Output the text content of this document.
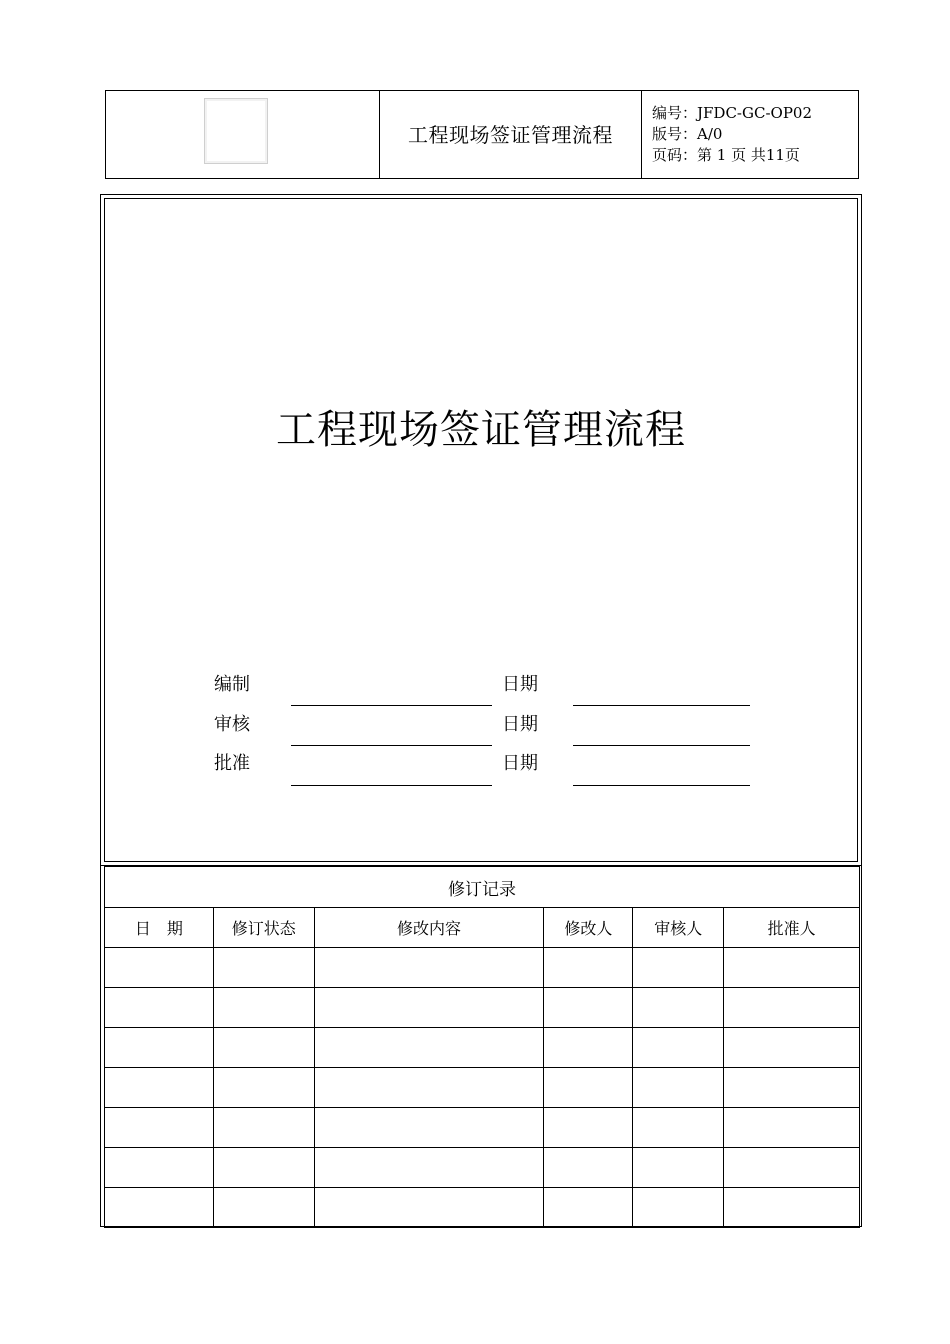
工程现场签证管理流程
编号：JFDC-GC-OP02
版号：A/0
页码：第 1 页 共11页
工程现场签证管理流程
编制	日期
审核	日期
批准	日期
修订记录					
日　期	修订状态	修改内容	修改人	审核人	批准人
